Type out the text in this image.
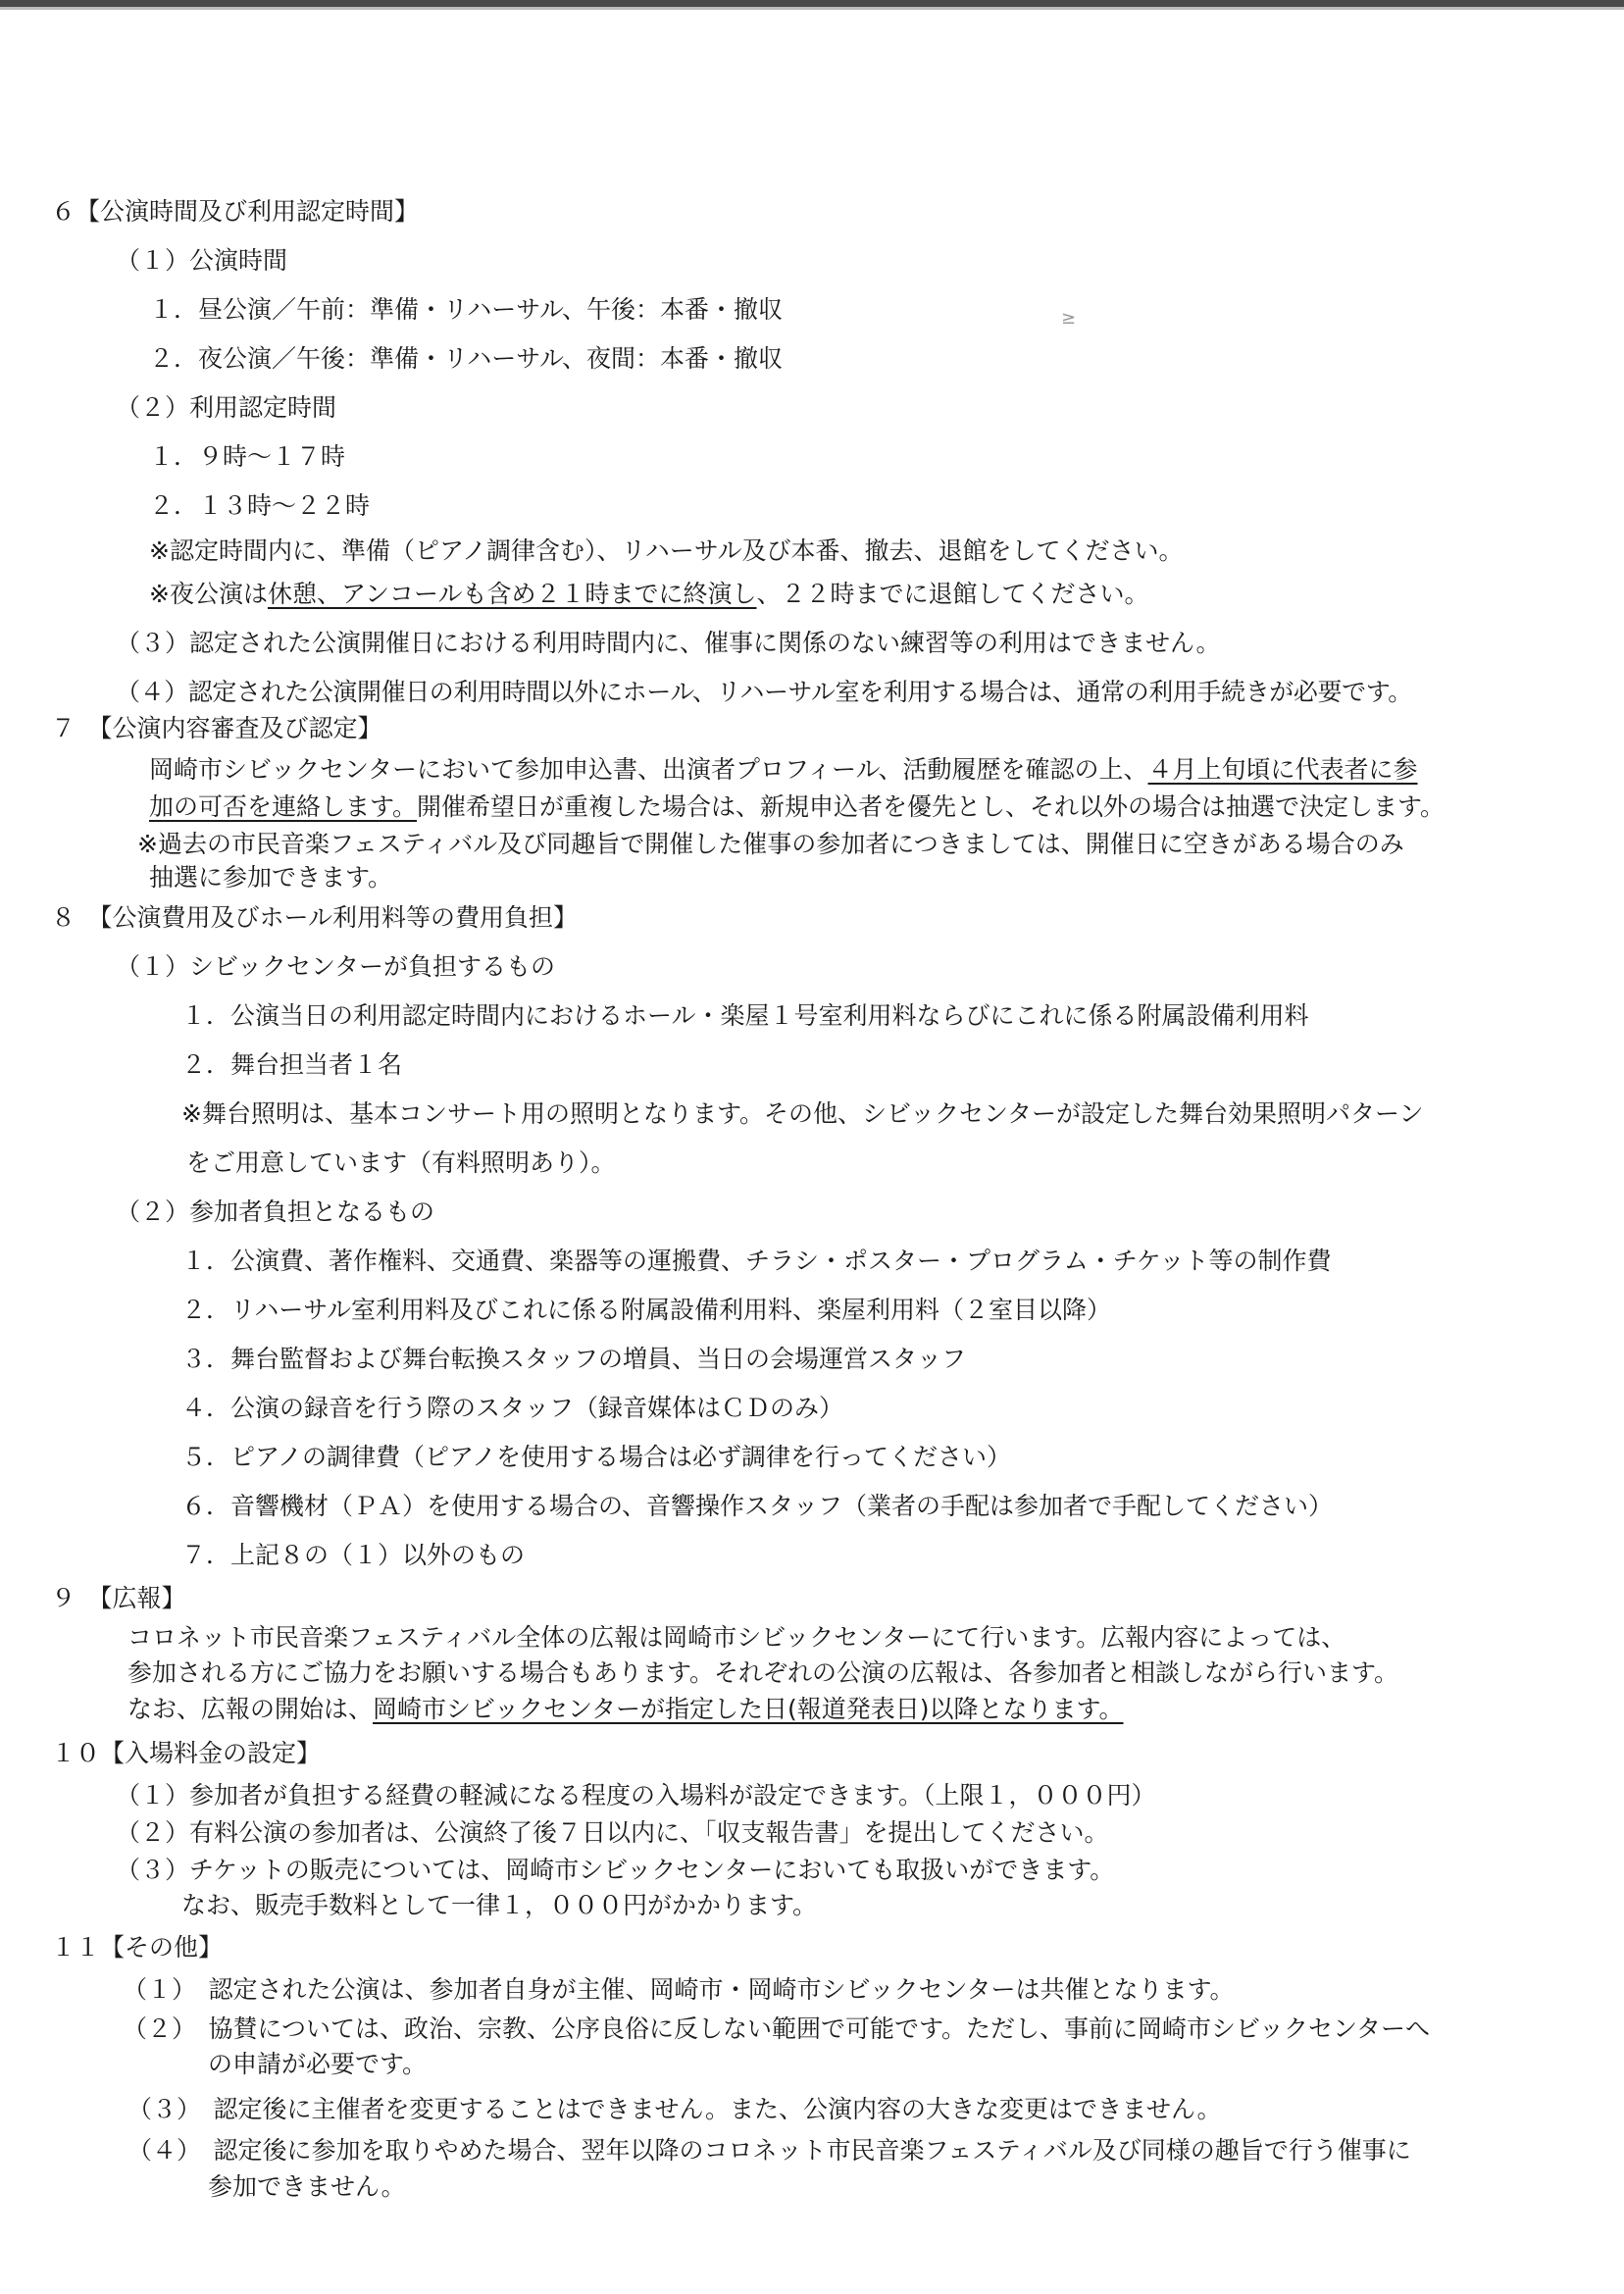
≥
６【公演時間及び利用認定時間】
（１）公演時間
１．昼公演／午前：準備・リハーサル、午後：本番・撤収
２．夜公演／午後：準備・リハーサル、夜間：本番・撤収
（２）利用認定時間
１．９時〜１７時
２．１３時〜２２時
※認定時間内に、準備（ピアノ調律含む）、リハーサル及び本番、撤去、退館をしてください。
※夜公演は休憩、アンコールも含め２１時までに終演し、２２時までに退館してください。
（３）認定された公演開催日における利用時間内に、催事に関係のない練習等の利用はできません。
（４）認定された公演開催日の利用時間以外にホール、リハーサル室を利用する場合は、通常の利用手続きが必要です。
７　【公演内容審査及び認定】
岡崎市シビックセンターにおいて参加申込書、出演者プロフィール、活動履歴を確認の上、４月上旬頃に代表者に参
加の可否を連絡します。開催希望日が重複した場合は、新規申込者を優先とし、それ以外の場合は抽選で決定します。
※過去の市民音楽フェスティバル及び同趣旨で開催した催事の参加者につきましては、開催日に空きがある場合のみ
抽選に参加できます。
８　【公演費用及びホール利用料等の費用負担】
（１）シビックセンターが負担するもの
１．公演当日の利用認定時間内におけるホール・楽屋１号室利用料ならびにこれに係る附属設備利用料
２．舞台担当者１名
※舞台照明は、基本コンサート用の照明となります。その他、シビックセンターが設定した舞台効果照明パターン
をご用意しています（有料照明あり）。
（２）参加者負担となるもの
１．公演費、著作権料、交通費、楽器等の運搬費、チラシ・ポスター・プログラム・チケット等の制作費
２．リハーサル室利用料及びこれに係る附属設備利用料、楽屋利用料（２室目以降）
３．舞台監督および舞台転換スタッフの増員、当日の会場運営スタッフ
４．公演の録音を行う際のスタッフ（録音媒体はＣＤのみ）
５．ピアノの調律費（ピアノを使用する場合は必ず調律を行ってください）
６．音響機材（ＰＡ）を使用する場合の、音響操作スタッフ（業者の手配は参加者で手配してください）
７．上記８の（１）以外のもの
９　【広報】
コロネット市民音楽フェスティバル全体の広報は岡崎市シビックセンターにて行います。広報内容によっては、
参加される方にご協力をお願いする場合もあります。それぞれの公演の広報は、各参加者と相談しながら行います。
なお、広報の開始は、岡崎市シビックセンターが指定した日(報道発表日)以降となります。
１０【入場料金の設定】
（１）参加者が負担する経費の軽減になる程度の入場料が設定できます。（上限１，０００円）
（２）有料公演の参加者は、公演終了後７日以内に、「収支報告書」を提出してください。
（３）チケットの販売については、岡崎市シビックセンターにおいても取扱いができます。
なお、販売手数料として一律１，０００円がかかります。
１１【その他】
（１）　認定された公演は、参加者自身が主催、岡崎市・岡崎市シビックセンターは共催となります。
（２）　協賛については、政治、宗教、公序良俗に反しない範囲で可能です。ただし、事前に岡崎市シビックセンターへ
の申請が必要です。
（３）　認定後に主催者を変更することはできません。また、公演内容の大きな変更はできません。
（４）　認定後に参加を取りやめた場合、翌年以降のコロネット市民音楽フェスティバル及び同様の趣旨で行う催事に
参加できません。
